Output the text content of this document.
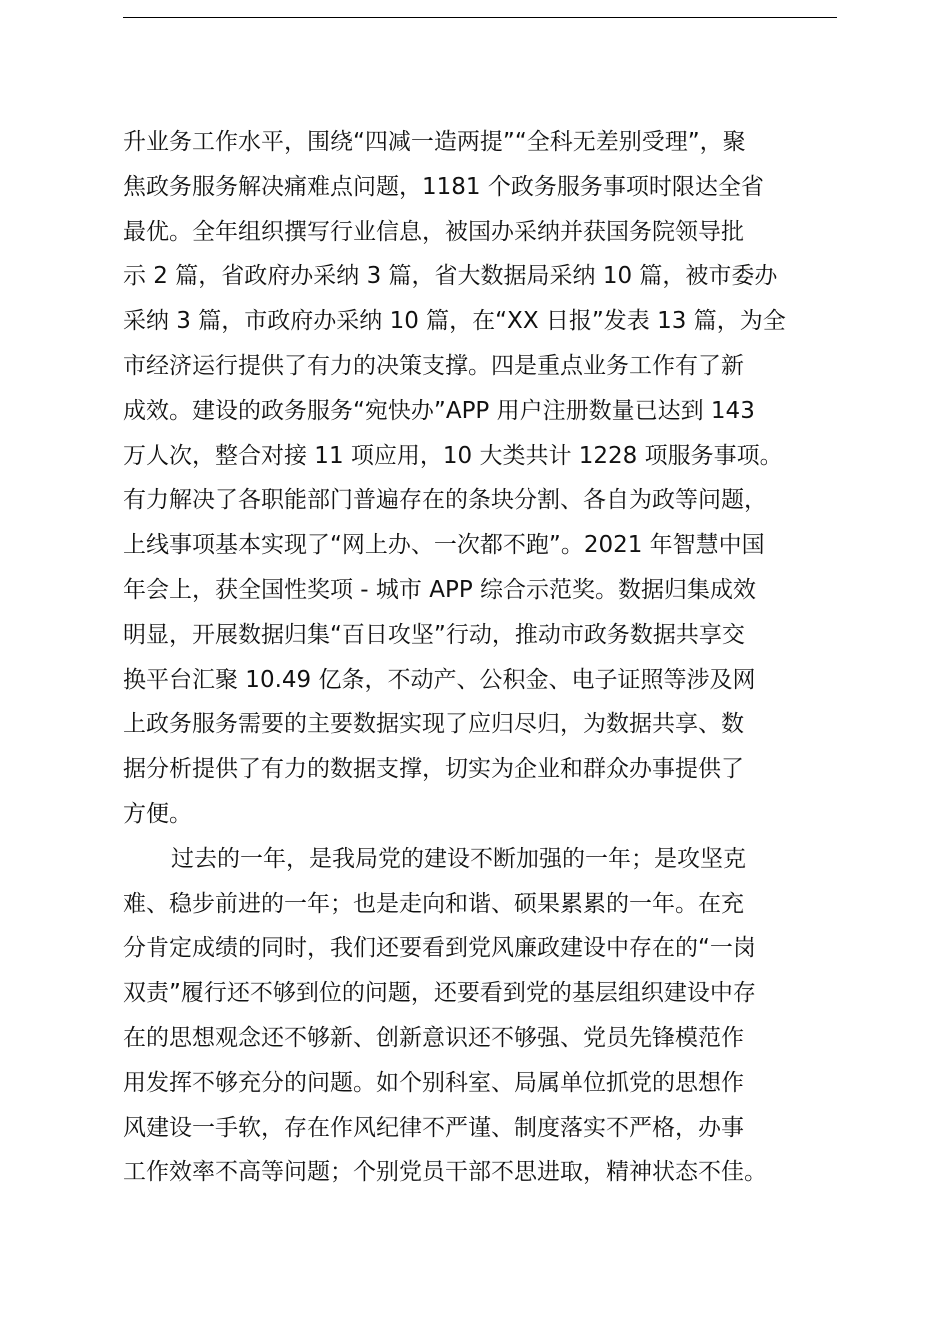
升业务工作水平，围绕“四减一造两提”“全科无差别受理”，聚
焦政务服务解决痛难点问题，1181 个政务服务事项时限达全省
最优。全年组织撰写行业信息，被国办采纳并获国务院领导批
示 2 篇，省政府办采纳 3 篇，省大数据局采纳 10 篇，被市委办
采纳 3 篇，市政府办采纳 10 篇，在“XX 日报”发表 13 篇，为全
市经济运行提供了有力的决策支撑。四是重点业务工作有了新
成效。建设的政务服务“宛快办”APP 用户注册数量已达到 143
万人次，整合对接 11 项应用，10 大类共计 1228 项服务事项。
有力解决了各职能部门普遍存在的条块分割、各自为政等问题，
上线事项基本实现了“网上办、一次都不跑”。2021 年智慧中国
年会上，获全国性奖项 - 城市 APP 综合示范奖。数据归集成效
明显，开展数据归集“百日攻坚”行动，推动市政务数据共享交
换平台汇聚 10.49 亿条，不动产、公积金、电子证照等涉及网
上政务服务需要的主要数据实现了应归尽归，为数据共享、数
据分析提供了有力的数据支撑，切实为企业和群众办事提供了
方便。
过去的一年，是我局党的建设不断加强的一年；是攻坚克
难、稳步前进的一年；也是走向和谐、硕果累累的一年。在充
分肯定成绩的同时，我们还要看到党风廉政建设中存在的“一岗
双责”履行还不够到位的问题，还要看到党的基层组织建设中存
在的思想观念还不够新、创新意识还不够强、党员先锋模范作
用发挥不够充分的问题。如个别科室、局属单位抓党的思想作
风建设一手软，存在作风纪律不严谨、制度落实不严格，办事
工作效率不高等问题；个别党员干部不思进取，精神状态不佳。
